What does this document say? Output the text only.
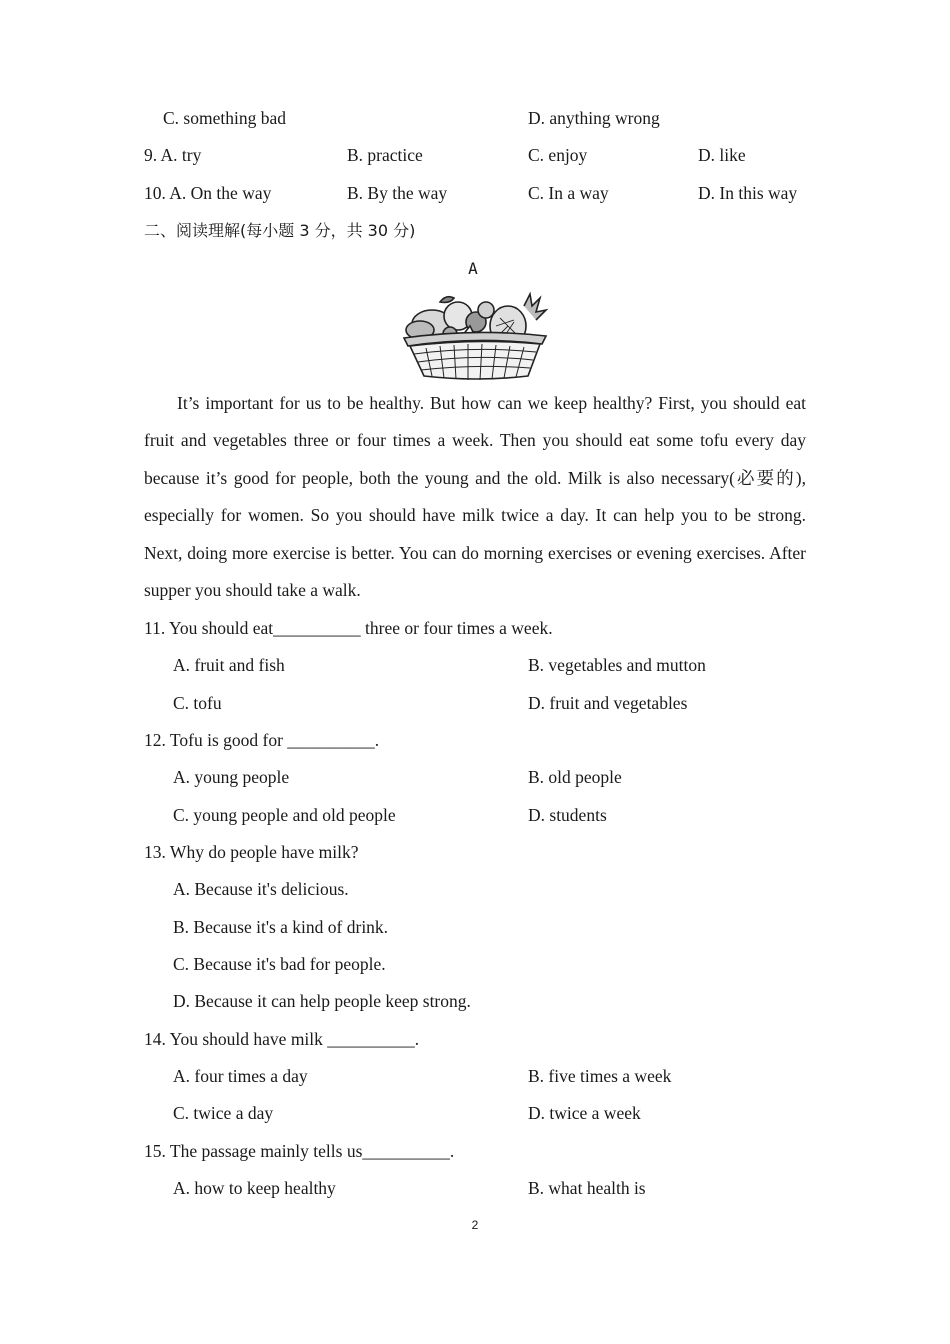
C. something bad	D. anything wrong
9. A. try	B. practice	C. enjoy	D. like
10. A. On the way	B. By the way	C. In a way	D. In this way
二、阅读理解(每小题 3 分，共 30 分)
A

It’s important for us to be healthy. But how can we keep healthy? First, you should eat fruit and vegetables three or four times a week. Then you should eat some tofu every day because it’s good for people, both the young and the old. Milk is also necessary(必要的), especially for women. So you should have milk twice a day. It can help you to be strong. Next, doing more exercise is better. You can do morning exercises or evening exercises. After supper you should take a walk.

11. You should eat__________ three or four times a week.
A. fruit and fish	B. vegetables and mutton
C. tofu	D. fruit and vegetables
12. Tofu is good for __________.
A. young people	B. old people
C. young people and old people	D. students
13. Why do people have milk?
A. Because it's delicious.
B. Because it's a kind of drink.
C. Because it's bad for people.
D. Because it can help people keep strong.
14. You should have milk __________.
A. four times a day	B. five times a week
C. twice a day	D. twice a week
15. The passage mainly tells us__________.
A. how to keep healthy	B. what health is
2
